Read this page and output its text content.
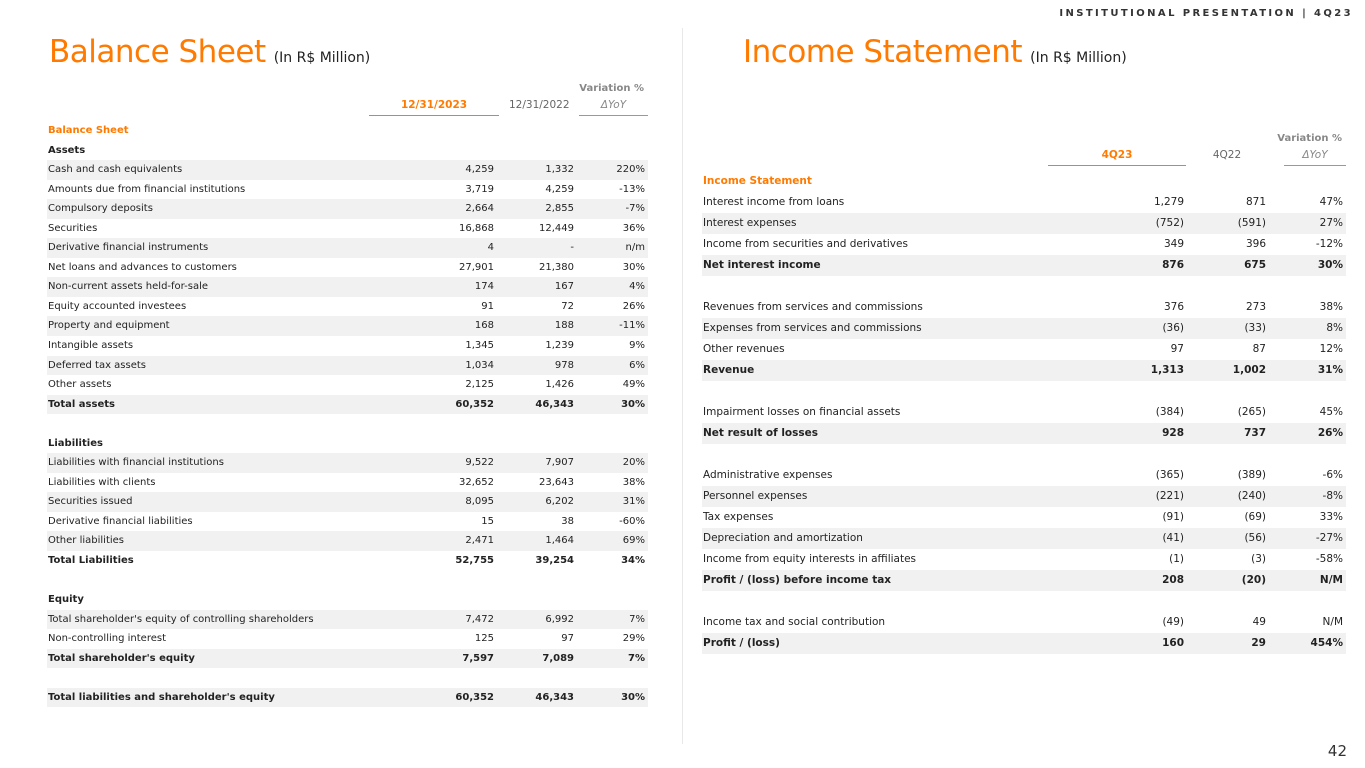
INSTITUTIONAL PRESENTATION | 4Q23
Balance Sheet (In R$ Million)
Variation %
12/31/2023	12/31/2022	ΔYoY
Balance Sheet
Assets
Cash and cash equivalents	4,259	1,332	220%
Amounts due from financial institutions	3,719	4,259	-13%
Compulsory deposits	2,664	2,855	-7%
Securities	16,868	12,449	36%
Derivative financial instruments	4	-	n/m
Net loans and advances to customers	27,901	21,380	30%
Non-current assets held-for-sale	174	167	4%
Equity accounted investees	91	72	26%
Property and equipment	168	188	-11%
Intangible assets	1,345	1,239	9%
Deferred tax assets	1,034	978	6%
Other assets	2,125	1,426	49%
Total assets	60,352	46,343	30%
Liabilities
Liabilities with financial institutions	9,522	7,907	20%
Liabilities with clients	32,652	23,643	38%
Securities issued	8,095	6,202	31%
Derivative financial liabilities	15	38	-60%
Other liabilities	2,471	1,464	69%
Total Liabilities	52,755	39,254	34%
Equity
Total shareholder's equity of controlling shareholders	7,472	6,992	7%
Non-controlling interest	125	97	29%
Total shareholder's equity	7,597	7,089	7%
Total liabilities and shareholder's equity	60,352	46,343	30%
Income Statement (In R$ Million)
Variation %
4Q23	4Q22	ΔYoY
Income Statement
Interest income from loans	1,279	871	47%
Interest expenses	(752)	(591)	27%
Income from securities and derivatives	349	396	-12%
Net interest income	876	675	30%
Revenues from services and commissions	376	273	38%
Expenses from services and commissions	(36)	(33)	8%
Other revenues	97	87	12%
Revenue	1,313	1,002	31%
Impairment losses on financial assets	(384)	(265)	45%
Net result of losses	928	737	26%
Administrative expenses	(365)	(389)	-6%
Personnel expenses	(221)	(240)	-8%
Tax expenses	(91)	(69)	33%
Depreciation and amortization	(41)	(56)	-27%
Income from equity interests in affiliates	(1)	(3)	-58%
Profit / (loss) before income tax	208	(20)	N/M
Income tax and social contribution	(49)	49	N/M
Profit / (loss)	160	29	454%
42
